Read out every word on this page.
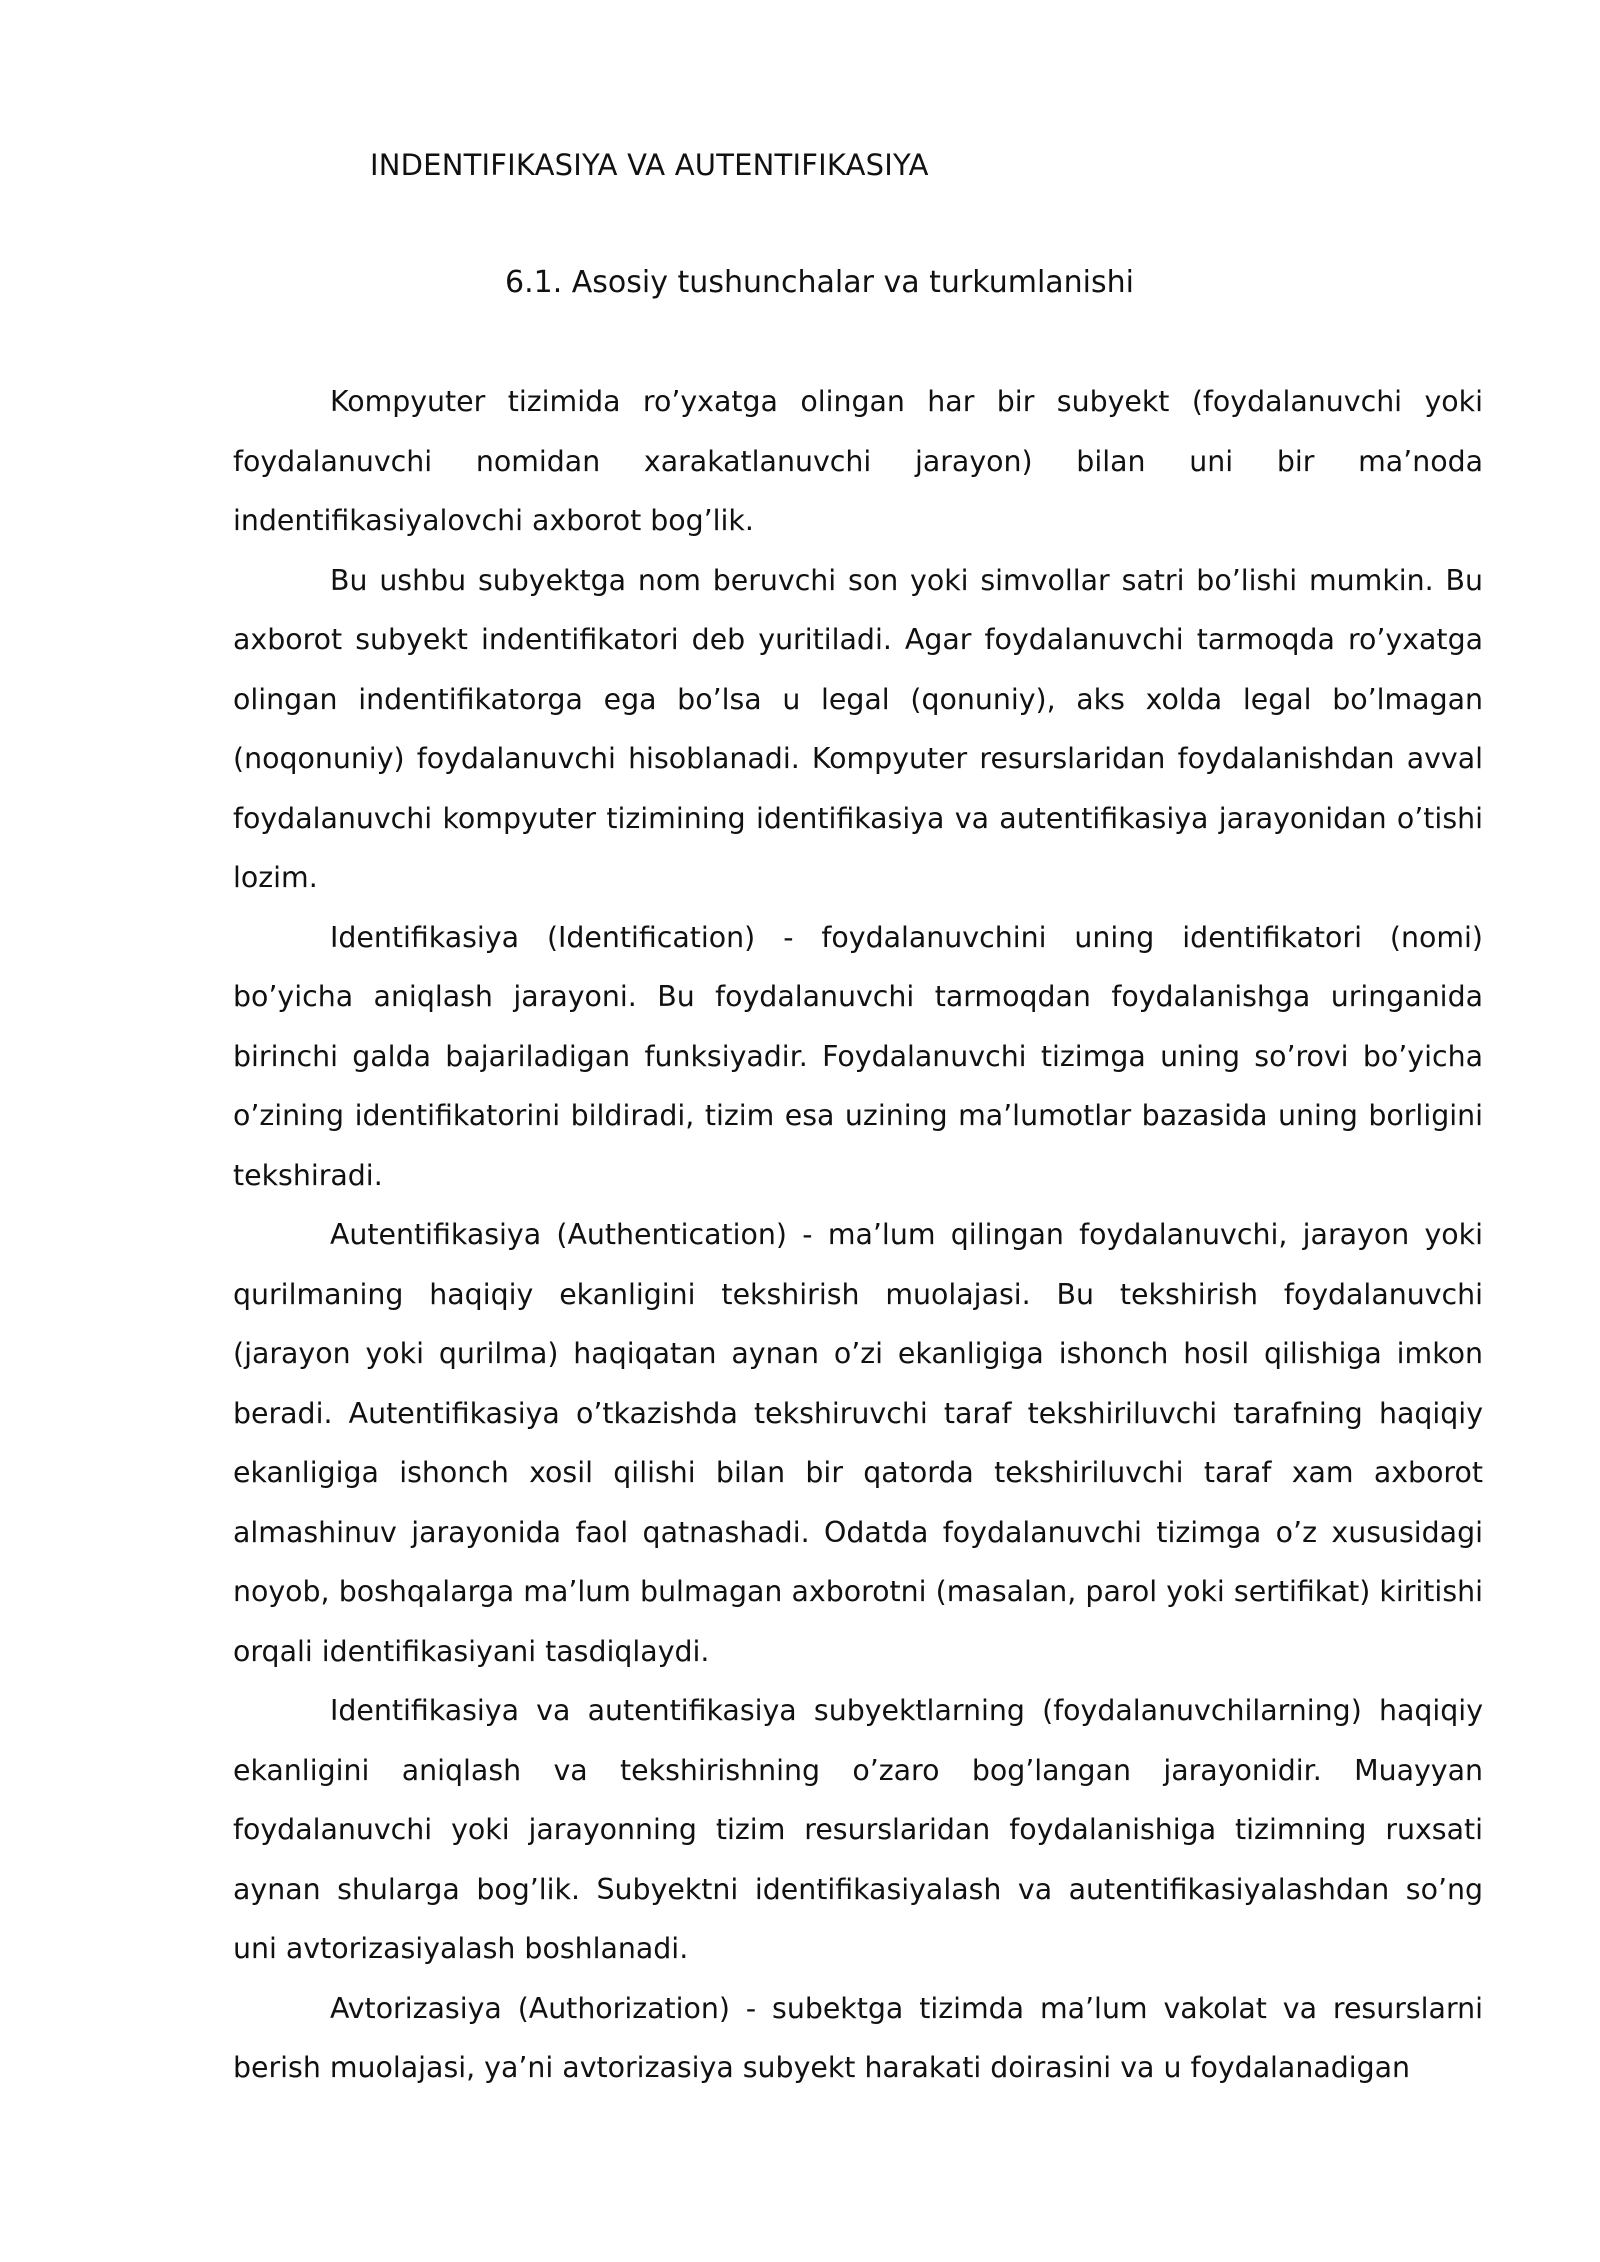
INDENTIFIKASIYA VA AUTENTIFIKASIYA
6.1. Asosiy tushunchalar va turkumlanishi

Kompyuter tizimida ro’yxatga olingan har bir subyekt (foydalanuvchi yoki foydalanuvchi nomidan xarakatlanuvchi jarayon) bilan uni bir ma’noda indentifikasiyalovchi axborot bog’lik.

Bu ushbu subyektga nom beruvchi son yoki simvollar satri bo’lishi mumkin. Bu axborot subyekt indentifikatori deb yuritiladi. Agar foydalanuvchi tarmoqda ro’yxatga olingan indentifikatorga ega bo’lsa u legal (qonuniy), aks xolda legal bo’lmagan (noqonuniy) foydalanuvchi hisoblanadi. Kompyuter resurslaridan foydalanishdan avval foydalanuvchi kompyuter tizimining identifikasiya va autentifikasiya jarayonidan o’tishi lozim.

Identifikasiya (Identification) - foydalanuvchini uning identifikatori (nomi) bo’yicha aniqlash jarayoni. Bu foydalanuvchi tarmoqdan foydalanishga uringanida birinchi galda bajariladigan funksiyadir. Foydalanuvchi tizimga uning so’rovi bo’yicha o’zining identifikatorini bildiradi, tizim esa uzining ma’lumotlar bazasida uning borligini tekshiradi.

Autentifikasiya (Authentication) - ma’lum qilingan foydalanuvchi, jarayon yoki qurilmaning haqiqiy ekanligini tekshirish muolajasi. Bu tekshirish foydalanuvchi (jarayon yoki qurilma) haqiqatan aynan o’zi ekanligiga ishonch hosil qilishiga imkon beradi. Autentifikasiya o’tkazishda tekshiruvchi taraf tekshiriluvchi tarafning haqiqiy ekanligiga ishonch xosil qilishi bilan bir qatorda tekshiriluvchi taraf xam axborot almashinuv jarayonida faol qatnashadi. Odatda foydalanuvchi tizimga o’z xususidagi noyob, boshqalarga ma’lum bulmagan axborotni (masalan, parol yoki sertifikat) kiritishi orqali identifikasiyani tasdiqlaydi.

Identifikasiya va autentifikasiya subyektlarning (foydalanuvchilarning) haqiqiy ekanligini aniqlash va tekshirishning o’zaro bog’langan jarayonidir. Muayyan foydalanuvchi yoki jarayonning tizim resurslaridan foydalanishiga tizimning ruxsati aynan shularga bog’lik. Subyektni identifikasiyalash va autentifikasiyalashdan so’ng uni avtorizasiyalash boshlanadi.

Avtorizasiya (Authorization) - subektga tizimda ma’lum vakolat va resurslarni berish muolajasi, ya’ni avtorizasiya subyekt harakati doirasini va u foydalanadigan
